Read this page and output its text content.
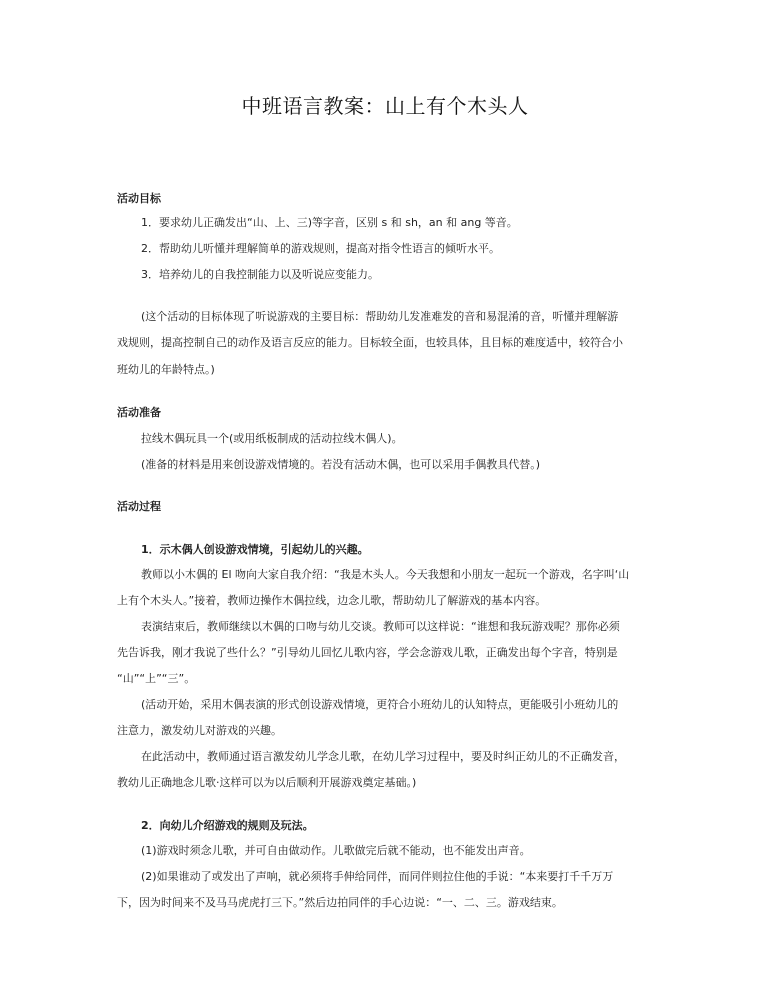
中班语言教案：山上有个木头人
活动目标
1．要求幼儿正确发出“山、上、三)等字音，区别 s 和 sh，an 和 ang 等音。
2．帮助幼儿听懂并理解简单的游戏规则，提高对指令性语言的倾听水平。
3．培养幼儿的自我控制能力以及听说应变能力。
(这个活动的目标体现了听说游戏的主要目标：帮助幼儿发准难发的音和易混淆的音，听懂并理解游
戏规则，提高控制自己的动作及语言反应的能力。目标较全面，也较具体，且目标的难度适中，较符合小
班幼儿的年龄特点。)
活动准备
拉线木偶玩具一个(或用纸板制成的活动拉线木偶人)。
(准备的材料是用来创设游戏情境的。若没有活动木偶，也可以采用手偶教具代替。)
活动过程
1．示木偶人创设游戏情境，引起幼儿的兴趣。
教师以小木偶的 El 吻向大家自我介绍：“我是木头人。今天我想和小朋友一起玩一个游戏，名字叫‘山
上有个木头人。”接着，教师边操作木偶拉线，边念儿歌，帮助幼儿了解游戏的基本内容。
表演结束后，教师继续以木偶的口吻与幼儿交谈。教师可以这样说：“谁想和我玩游戏呢？那你必须
先告诉我，刚才我说了些什么？”引导幼儿回忆儿歌内容，学会念游戏儿歌，正确发出每个字音，特别是
“山”“上”“三”。
(活动开始，采用木偶表演的形式创设游戏情境，更符合小班幼儿的认知特点，更能吸引小班幼儿的
注意力，激发幼儿对游戏的兴趣。
在此活动中，教师通过语言激发幼儿学念儿歌，在幼儿学习过程中，要及时纠正幼儿的不正确发音，
教幼儿正确地念儿歌·这样可以为以后顺利开展游戏奠定基础。)
2．向幼儿介绍游戏的规则及玩法。
(1)游戏时须念儿歌，并可自由做动作。儿歌做完后就不能动，也不能发出声音。
(2)如果谁动了或发出了声响，就必须将手伸给同伴，而同伴则拉住他的手说：“本来要打千千万万
下，因为时间来不及马马虎虎打三下。”然后边拍同伴的手心边说：“一、二、三。游戏结束。
